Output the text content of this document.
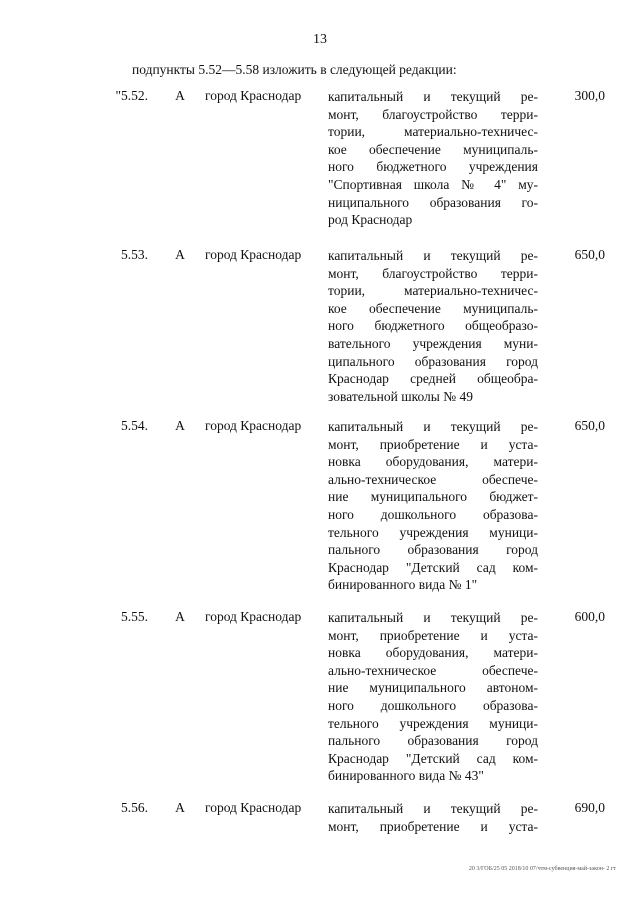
13
подпункты 5.52—5.58 изложить в следующей редакции:
"5.52.	А	город Краснодар капитальный и текущий ре-
монт, благоустройство терри-
тории, материально-техничес-
кое обеспечение муниципаль-
ного бюджетного учреждения
"Спортивная школа № 4" му-
ниципального образования го-
род Краснодар
300,0
5.53.	А	город Краснодар капитальный и текущий ре-
монт, благоустройство терри-
тории, материально-техничес-
кое обеспечение муниципаль-
ного бюджетного общеобразо-
вательного учреждения муни-
ципального образования город
Краснодар средней общеобра-
зовательной школы № 49
650,0
5.54.	А	город Краснодар капитальный и текущий ре-
монт, приобретение и уста-
новка оборудования, матери-
ально-техническое обеспече-
ние муниципального бюджет-
ного дошкольного образова-
тельного учреждения муници-
пального образования город
Краснодар "Детский сад ком-
бинированного вида № 1"
650,0
5.55.	А	город Краснодар капитальный и текущий ре-
монт, приобретение и уста-
новка оборудования, матери-
ально-техническое обеспече-
ние муниципального автоном-
ного дошкольного образова-
тельного учреждения муници-
пального образования город
Краснодар "Детский сад ком-
бинированного вида № 43"
600,0
5.56.	А	город Краснодар капитальный и текущий ре-
монт, приобретение и уста-
690,0
20 3/ГОБ/25 05 2018/10 07/чтм-субвенция-май-закон- 2 гт
